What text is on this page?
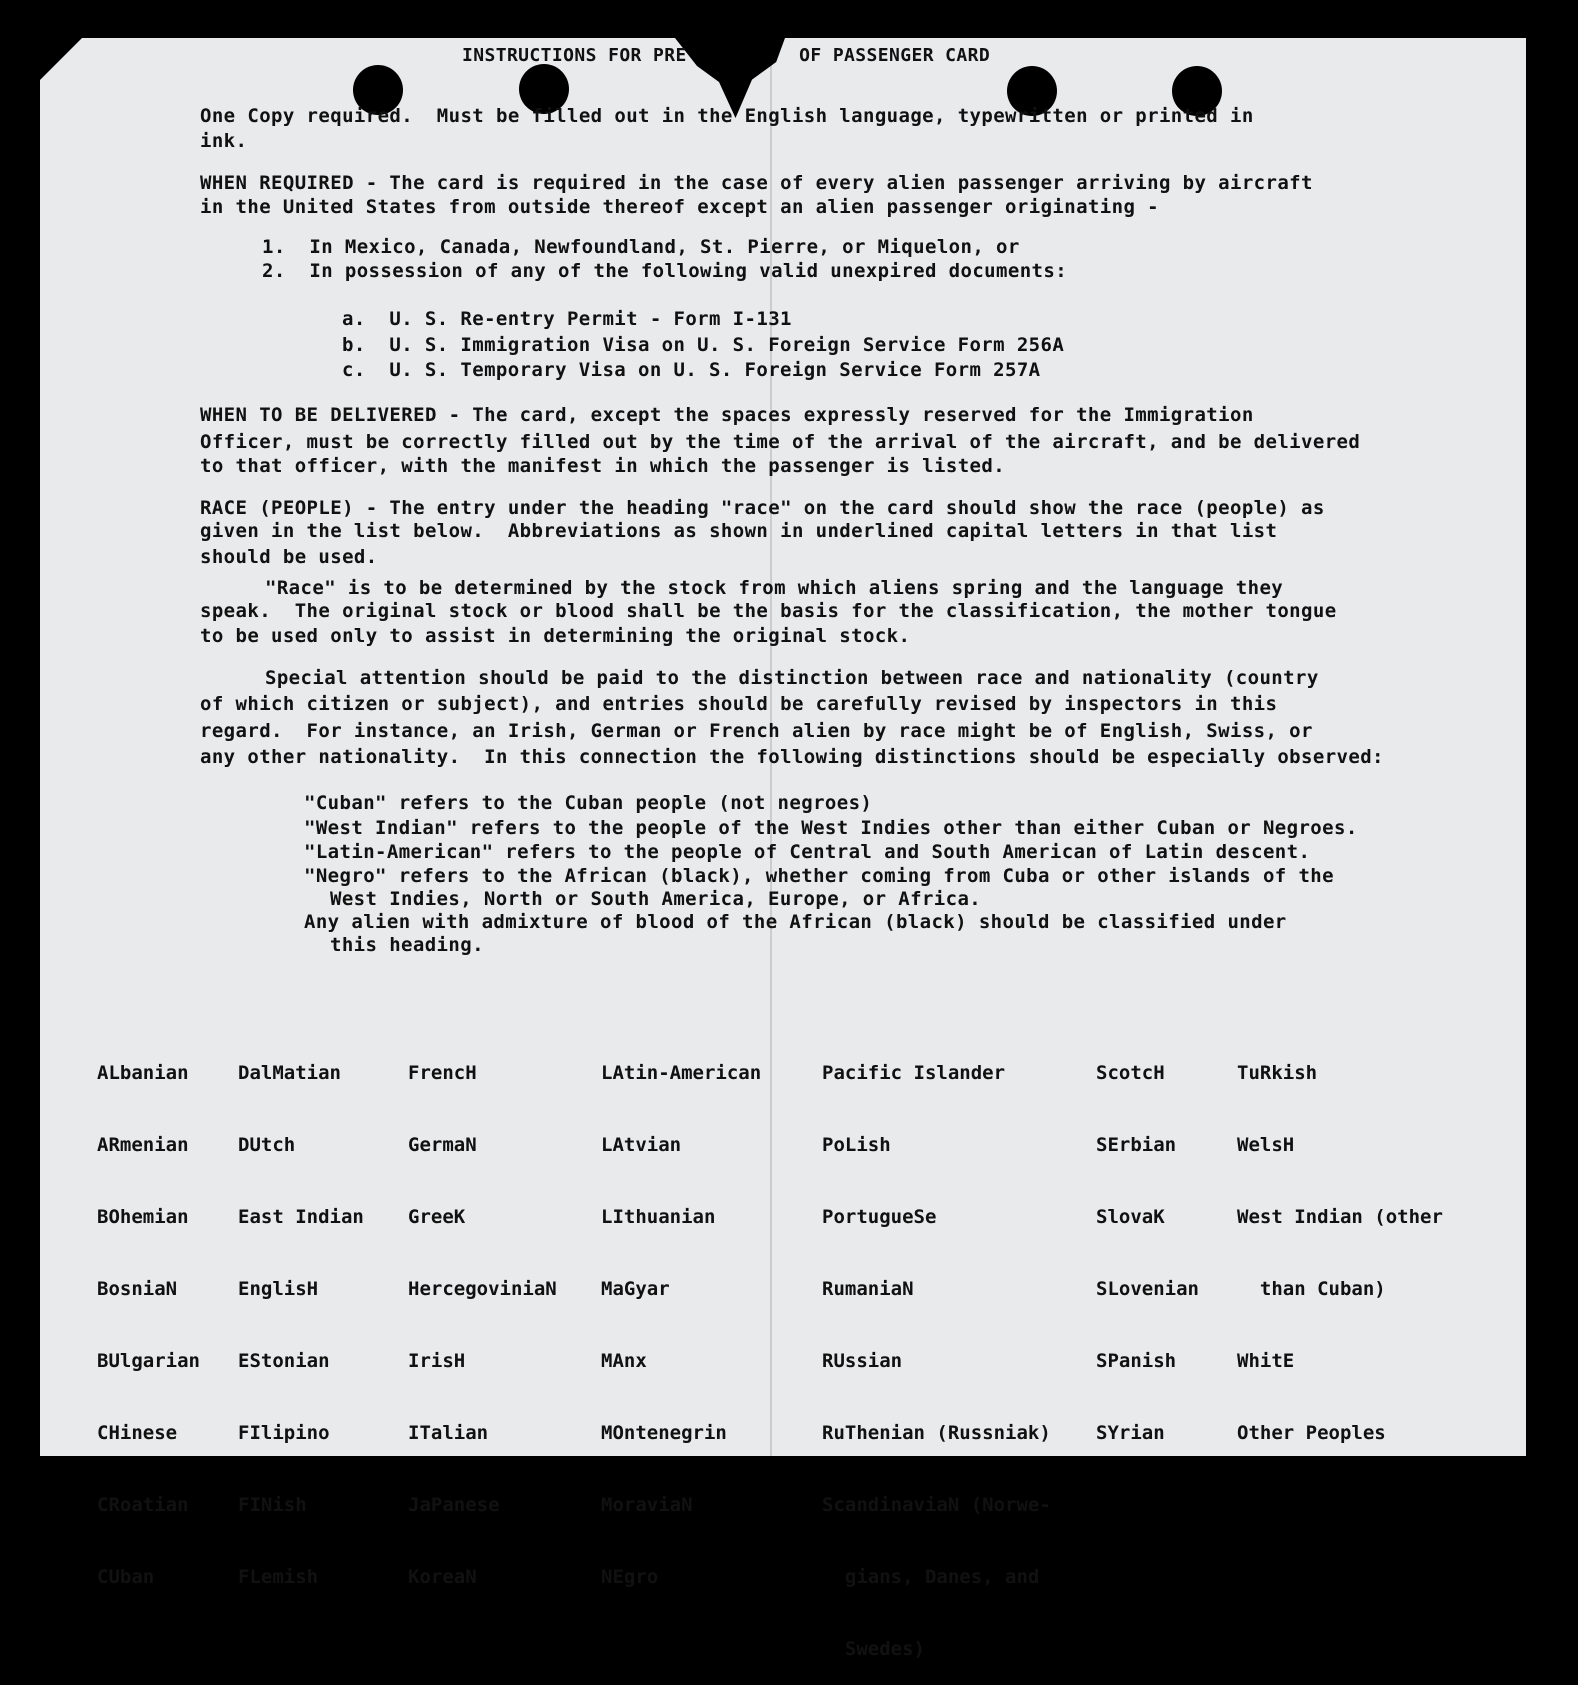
INSTRUCTIONS FOR PRE          OF PASSENGER CARD
One Copy required.  Must be filled out in the English language, typewritten or printed in
ink.
WHEN REQUIRED - The card is required in the case of every alien passenger arriving by aircraft
in the United States from outside thereof except an alien passenger originating -
1.  In Mexico, Canada, Newfoundland, St. Pierre, or Miquelon, or
2.  In possession of any of the following valid unexpired documents:
a.  U. S. Re-entry Permit - Form I-131
b.  U. S. Immigration Visa on U. S. Foreign Service Form 256A
c.  U. S. Temporary Visa on U. S. Foreign Service Form 257A
WHEN TO BE DELIVERED - The card, except the spaces expressly reserved for the Immigration
Officer, must be correctly filled out by the time of the arrival of the aircraft, and be delivered
to that officer, with the manifest in which the passenger is listed.
RACE (PEOPLE) - The entry under the heading "race" on the card should show the race (people) as
given in the list below.  Abbreviations as shown in underlined capital letters in that list
should be used.
"Race" is to be determined by the stock from which aliens spring and the language they
speak.  The original stock or blood shall be the basis for the classification, the mother tongue
to be used only to assist in determining the original stock.
Special attention should be paid to the distinction between race and nationality (country
of which citizen or subject), and entries should be carefully revised by inspectors in this
regard.  For instance, an Irish, German or French alien by race might be of English, Swiss, or
any other nationality.  In this connection the following distinctions should be especially observed:
"Cuban" refers to the Cuban people (not negroes)
"West Indian" refers to the people of the West Indies other than either Cuban or Negroes.
"Latin-American" refers to the people of Central and South American of Latin descent.
"Negro" refers to the African (black), whether coming from Cuba or other islands of the
West Indies, North or South America, Europe, or Africa.
Any alien with admixture of blood of the African (black) should be classified under
this heading.

ALbanian

ARmenian

BOhemian

BosniaN

BUlgarian

CHinese

CRoatian

CUban

DalMatian

DUtch

East Indian

EnglisH

EStonian

FIlipino

FINish

FLemish

FrencH

GermaN

GreeK

HercegoviniaN

IrisH

ITalian

JaPanese

KoreaN

LAtin-American

LAtvian

LIthuanian

MaGyar

MAnx

MOntenegrin

MoraviaN

NEgro

Pacific Islander

PoLish

PortugueSe

RumaniaN

RUssian

RuThenian (Russniak)

ScandinaviaN (Norwe-

gians, Danes, and

Swedes)

ScotcH

SErbian

SlovaK

SLovenian

SPanish

SYrian

TuRkish

WelsH

West Indian (other

than Cuban)

WhitE

Other Peoples
